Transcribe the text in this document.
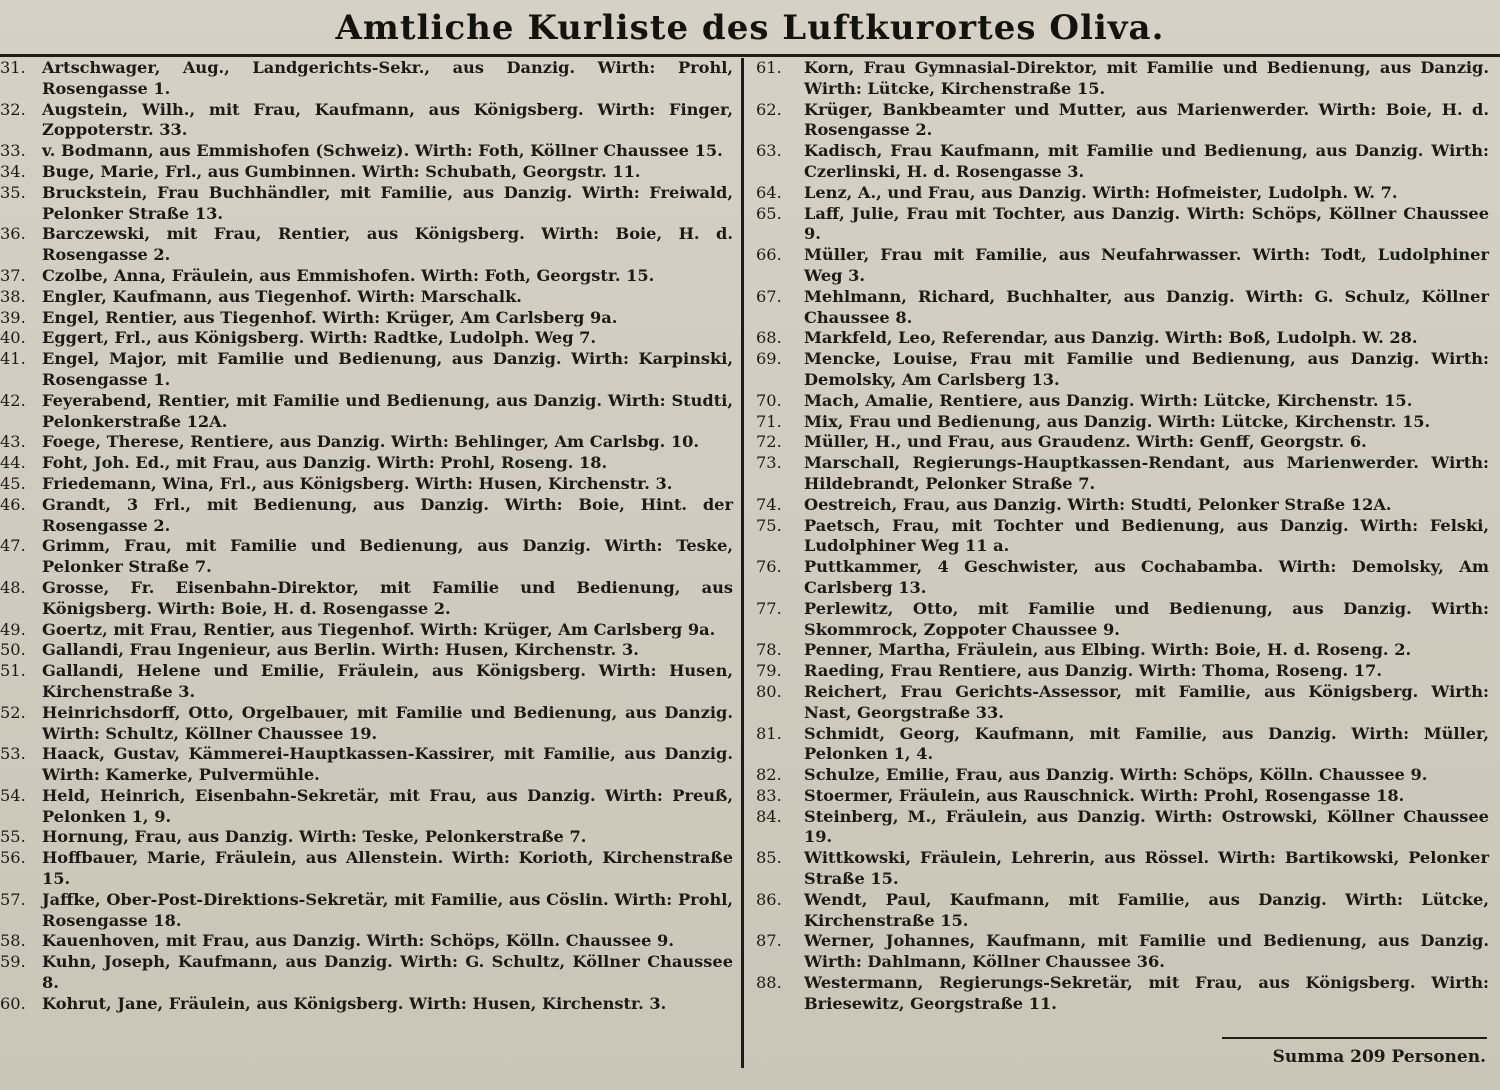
Amtliche Kurliste des Luftkurortes Oliva.
31.	Artschwager, Aug., Landgerichts-Sekr., aus Danzig. Wirth: Prohl, Rosengasse 1.
32.	Augstein, Wilh., mit Frau, Kaufmann, aus Königsberg. Wirth: Finger, Zoppoterstr. 33.
33.	v. Bodmann, aus Emmishofen (Schweiz). Wirth: Foth, Köllner Chaussee 15.
34.	Buge, Marie, Frl., aus Gumbinnen. Wirth: Schubath, Georgstr. 11.
35.	Bruckstein, Frau Buchhändler, mit Familie, aus Danzig. Wirth: Freiwald, Pelonker Straße 13.
36.	Barczewski, mit Frau, Rentier, aus Königsberg. Wirth: Boie, H. d. Rosengasse 2.
37.	Czolbe, Anna, Fräulein, aus Emmishofen. Wirth: Foth, Georgstr. 15.
38.	Engler, Kaufmann, aus Tiegenhof. Wirth: Marschalk.
39.	Engel, Rentier, aus Tiegenhof. Wirth: Krüger, Am Carlsberg 9a.
40.	Eggert, Frl., aus Königsberg. Wirth: Radtke, Ludolph. Weg 7.
41.	Engel, Major, mit Familie und Bedienung, aus Danzig. Wirth: Karpinski, Rosengasse 1.
42.	Feyerabend, Rentier, mit Familie und Bedienung, aus Danzig. Wirth: Studti, Pelonkerstraße 12A.
43.	Foege, Therese, Rentiere, aus Danzig. Wirth: Behlinger, Am Carlsbg. 10.
44.	Foht, Joh. Ed., mit Frau, aus Danzig. Wirth: Prohl, Roseng. 18.
45.	Friedemann, Wina, Frl., aus Königsberg. Wirth: Husen, Kirchenstr. 3.
46.	Grandt, 3 Frl., mit Bedienung, aus Danzig. Wirth: Boie, Hint. der Rosengasse 2.
47.	Grimm, Frau, mit Familie und Bedienung, aus Danzig. Wirth: Teske, Pelonker Straße 7.
48.	Grosse, Fr. Eisenbahn-Direktor, mit Familie und Bedienung, aus Königsberg. Wirth: Boie, H. d. Rosengasse 2.
49.	Goertz, mit Frau, Rentier, aus Tiegenhof. Wirth: Krüger, Am Carlsberg 9a.
50.	Gallandi, Frau Ingenieur, aus Berlin. Wirth: Husen, Kirchenstr. 3.
51.	Gallandi, Helene und Emilie, Fräulein, aus Königsberg. Wirth: Husen, Kirchenstraße 3.
52.	Heinrichsdorff, Otto, Orgelbauer, mit Familie und Bedienung, aus Danzig. Wirth: Schultz, Köllner Chaussee 19.
53.	Haack, Gustav, Kämmerei-Hauptkassen-Kassirer, mit Familie, aus Danzig. Wirth: Kamerke, Pulvermühle.
54.	Held, Heinrich, Eisenbahn-Sekretär, mit Frau, aus Danzig. Wirth: Preuß, Pelonken 1, 9.
55.	Hornung, Frau, aus Danzig. Wirth: Teske, Pelonkerstraße 7.
56.	Hoffbauer, Marie, Fräulein, aus Allenstein. Wirth: Korioth, Kirchenstraße 15.
57.	Jaffke, Ober-Post-Direktions-Sekretär, mit Familie, aus Cöslin. Wirth: Prohl, Rosengasse 18.
58.	Kauenhoven, mit Frau, aus Danzig. Wirth: Schöps, Kölln. Chaussee 9.
59.	Kuhn, Joseph, Kaufmann, aus Danzig. Wirth: G. Schultz, Köllner Chaussee 8.
60.	Kohrut, Jane, Fräulein, aus Königsberg. Wirth: Husen, Kirchenstr. 3.
61.	Korn, Frau Gymnasial-Direktor, mit Familie und Bedienung, aus Danzig. Wirth: Lütcke, Kirchenstraße 15.
62.	Krüger, Bankbeamter und Mutter, aus Marienwerder. Wirth: Boie, H. d. Rosengasse 2.
63.	Kadisch, Frau Kaufmann, mit Familie und Bedienung, aus Danzig. Wirth: Czerlinski, H. d. Rosengasse 3.
64.	Lenz, A., und Frau, aus Danzig. Wirth: Hofmeister, Ludolph. W. 7.
65.	Laff, Julie, Frau mit Tochter, aus Danzig. Wirth: Schöps, Köllner Chaussee 9.
66.	Müller, Frau mit Familie, aus Neufahrwasser. Wirth: Todt, Ludolphiner Weg 3.
67.	Mehlmann, Richard, Buchhalter, aus Danzig. Wirth: G. Schulz, Köllner Chaussee 8.
68.	Markfeld, Leo, Referendar, aus Danzig. Wirth: Boß, Ludolph. W. 28.
69.	Mencke, Louise, Frau mit Familie und Bedienung, aus Danzig. Wirth: Demolsky, Am Carlsberg 13.
70.	Mach, Amalie, Rentiere, aus Danzig. Wirth: Lütcke, Kirchenstr. 15.
71.	Mix, Frau und Bedienung, aus Danzig. Wirth: Lütcke, Kirchenstr. 15.
72.	Müller, H., und Frau, aus Graudenz. Wirth: Genff, Georgstr. 6.
73.	Marschall, Regierungs-Hauptkassen-Rendant, aus Marienwerder. Wirth: Hildebrandt, Pelonker Straße 7.
74.	Oestreich, Frau, aus Danzig. Wirth: Studti, Pelonker Straße 12A.
75.	Paetsch, Frau, mit Tochter und Bedienung, aus Danzig. Wirth: Felski, Ludolphiner Weg 11 a.
76.	Puttkammer, 4 Geschwister, aus Cochabamba. Wirth: Demolsky, Am Carlsberg 13.
77.	Perlewitz, Otto, mit Familie und Bedienung, aus Danzig. Wirth: Skommrock, Zoppoter Chaussee 9.
78.	Penner, Martha, Fräulein, aus Elbing. Wirth: Boie, H. d. Roseng. 2.
79.	Raeding, Frau Rentiere, aus Danzig. Wirth: Thoma, Roseng. 17.
80.	Reichert, Frau Gerichts-Assessor, mit Familie, aus Königsberg. Wirth: Nast, Georgstraße 33.
81.	Schmidt, Georg, Kaufmann, mit Familie, aus Danzig. Wirth: Müller, Pelonken 1, 4.
82.	Schulze, Emilie, Frau, aus Danzig. Wirth: Schöps, Kölln. Chaussee 9.
83.	Stoermer, Fräulein, aus Rauschnick. Wirth: Prohl, Rosengasse 18.
84.	Steinberg, M., Fräulein, aus Danzig. Wirth: Ostrowski, Köllner Chaussee 19.
85.	Wittkowski, Fräulein, Lehrerin, aus Rössel. Wirth: Bartikowski, Pelonker Straße 15.
86.	Wendt, Paul, Kaufmann, mit Familie, aus Danzig. Wirth: Lütcke, Kirchenstraße 15.
87.	Werner, Johannes, Kaufmann, mit Familie und Bedienung, aus Danzig. Wirth: Dahlmann, Köllner Chaussee 36.
88.	Westermann, Regierungs-Sekretär, mit Frau, aus Königsberg. Wirth: Briesewitz, Georgstraße 11.
Summa 209 Personen.
